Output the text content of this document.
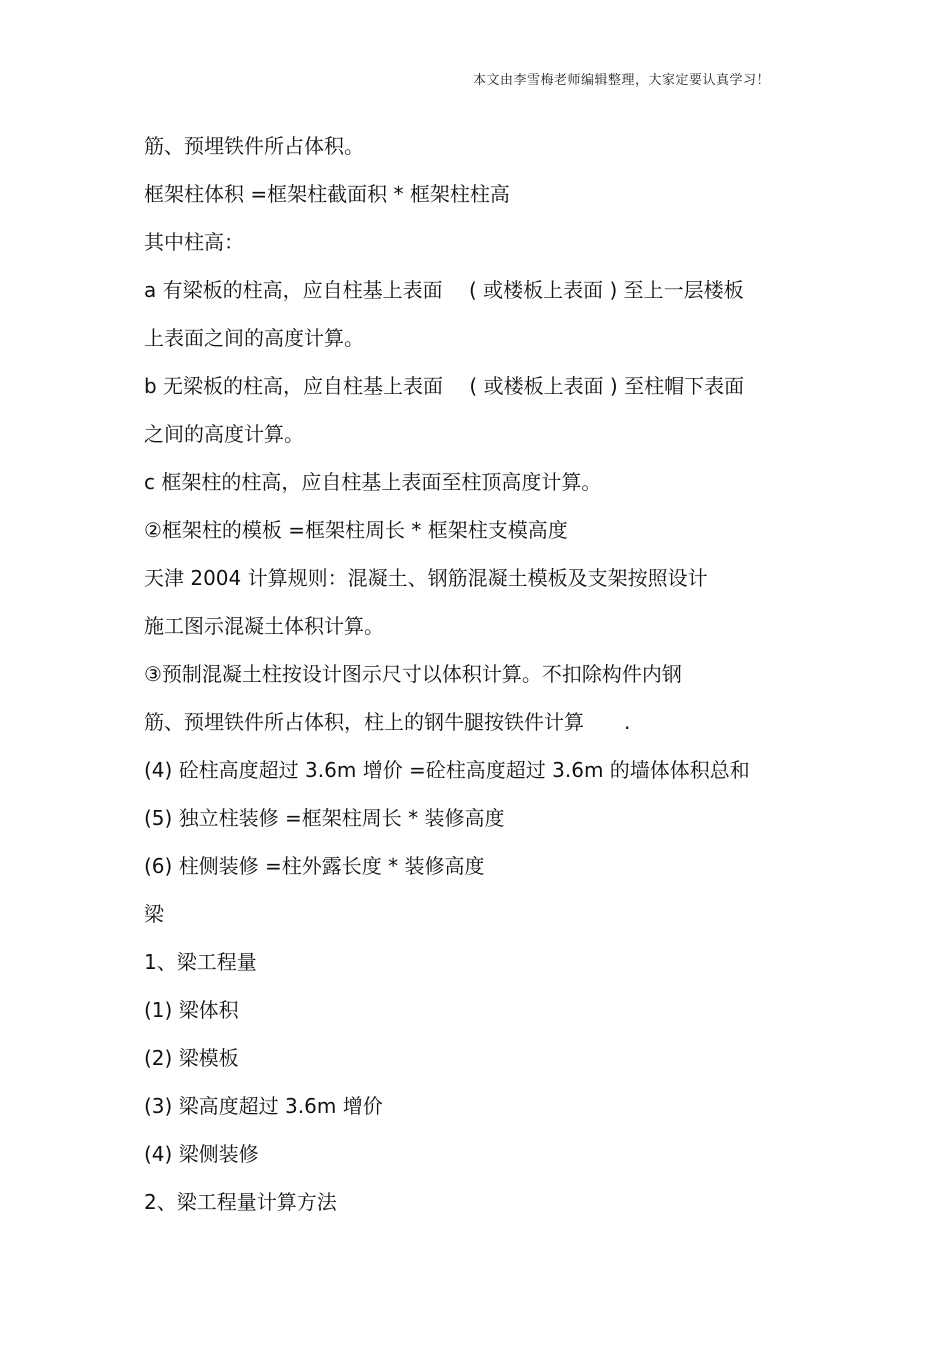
本文由李雪梅老师编辑整理，大家定要认真学习！
筋、预埋铁件所占体积。
框架柱体积 =框架柱截面积 * 框架柱柱高
其中柱高：
a 有梁板的柱高，应自柱基上表面　 ( 或楼板上表面 ) 至上一层楼板
上表面之间的高度计算。
b 无梁板的柱高，应自柱基上表面　 ( 或楼板上表面 ) 至柱帽下表面
之间的高度计算。
c 框架柱的柱高，应自柱基上表面至柱顶高度计算。
②框架柱的模板 =框架柱周长 * 框架柱支模高度
天津 2004 计算规则：混凝土、钢筋混凝土模板及支架按照设计
施工图示混凝土体积计算。
③预制混凝土柱按设计图示尺寸以体积计算。不扣除构件内钢
筋、预埋铁件所占体积，柱上的钢牛腿按铁件计算　　.
(4) 砼柱高度超过 3.6m 增价 =砼柱高度超过 3.6m 的墙体体积总和
(5) 独立柱装修 =框架柱周长 * 装修高度
(6) 柱侧装修 =柱外露长度 * 装修高度
梁
1、梁工程量
(1) 梁体积
(2) 梁模板
(3) 梁高度超过 3.6m 增价
(4) 梁侧装修
2、梁工程量计算方法
